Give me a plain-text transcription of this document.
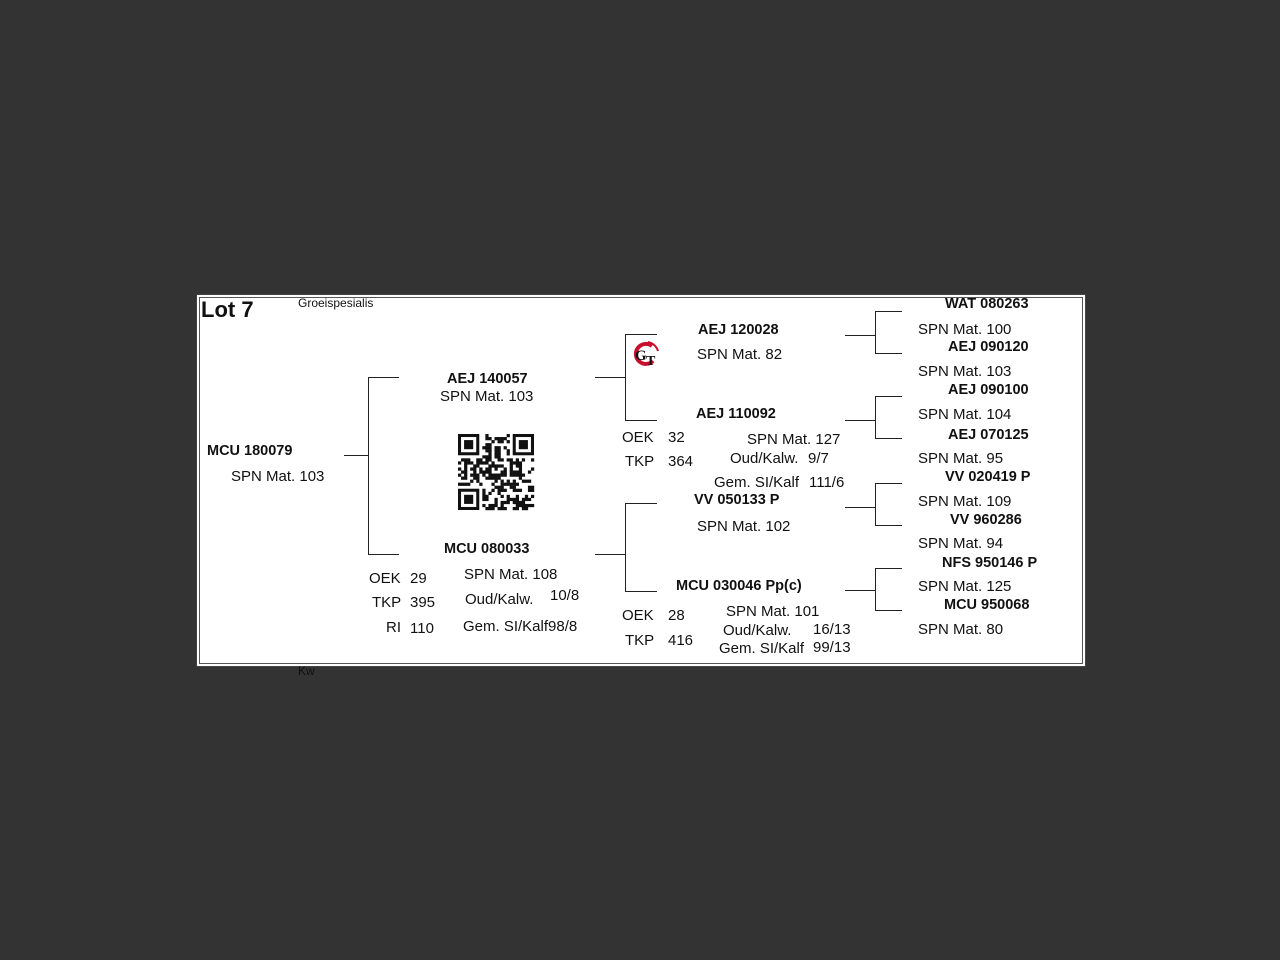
Lot 7	Groeispesialis
Kw
MCU 180079
SPN Mat. 103
AEJ 140057
SPN Mat. 103
MCU 080033
OEK 29 SPN Mat. 108
TKP 395 Oud/Kalw. 10/8
RI 110 Gem. SI/Kalf98/8
G T
AEJ 120028
SPN Mat. 82
AEJ 110092
OEK 32	SPN Mat. 127
TKP 364 Oud/Kalw. 9/7
Gem. SI/Kalf 111/6
VV 050133 P
SPN Mat. 102
MCU 030046 Pp(c)
OEK 28	SPN Mat. 101
TKP 416
Oud/Kalw. 16/13
Gem. SI/Kalf 99/13
WAT 080263
SPN Mat. 100
AEJ 090120
SPN Mat. 103
AEJ 090100
SPN Mat. 104
AEJ 070125
SPN Mat. 95
VV 020419 P
SPN Mat. 109
VV 960286
SPN Mat. 94
NFS 950146 P
SPN Mat. 125
MCU 950068
SPN Mat. 80
